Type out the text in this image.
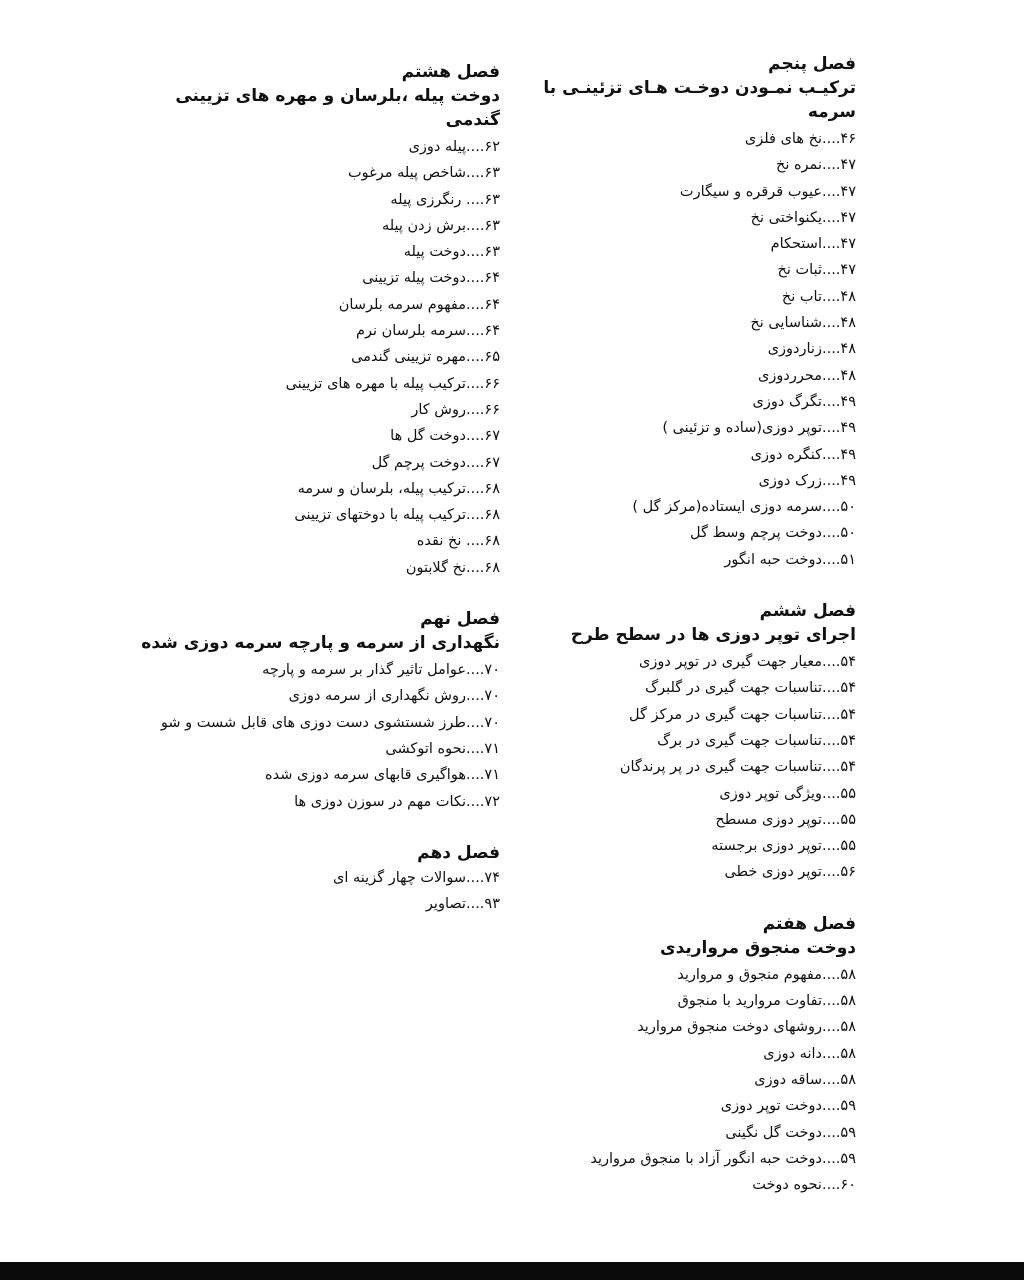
فصل پنجم
ترکیـب نمـودن دوخـت هـای تزئینـی با سرمه
۴۶....نخ های فلزی
۴۷....نمره نخ
۴۷....عیوب قرقره و سیگارت
۴۷....یکنواختی نخ
۴۷....استحکام
۴۷....ثبات نخ
۴۸....تاب نخ
۴۸....شناسایی نخ
۴۸....زناردوزی
۴۸....محرردوزی
۴۹....تگرگ دوزی
۴۹....توپر دوزی(ساده و تزئینی )
۴۹....کنگره دوزی
۴۹....زرک دوزی
۵۰....سرمه دوزی ایستاده(مرکز گل )
۵۰....دوخت پرچم وسط گل
۵۱....دوخت حبه انگور
فصل ششم
اجرای توپر دوزی ها در سطح طرح
۵۴....معیار جهت گیری در توپر دوزی
۵۴....تناسبات جهت گیری در گلبرگ
۵۴....تناسبات جهت گیری در مرکز گل
۵۴....تناسبات جهت گیری در برگ
۵۴....تناسبات جهت گیری در پر پرندگان
۵۵....ویژگی توپر دوزی
۵۵....توپر دوزی مسطح
۵۵....توپر دوزی برجسته
۵۶....توپر دوزی خطی
فصل هفتم
دوخت منجوق مرواریدی
۵۸....مفهوم منجوق و مروارید
۵۸....تفاوت مروارید با منجوق
۵۸....روشهای دوخت منجوق مروارید
۵۸....دانه دوزی
۵۸....ساقه دوزی
۵۹....دوخت توپر دوزی
۵۹....دوخت گل نگینی
۵۹....دوخت حبه انگور آزاد با منجوق مروارید
۶۰....نحوه دوخت
فصل هشتم
دوخت پیله ،بلرسان و مهره های تزیینی گندمی
۶۲....پیله دوزی
۶۳....شاخص پیله مرغوب
۶۳.... رنگرزی پیله
۶۳....برش زدن پیله
۶۳....دوخت پیله
۶۴....دوخت پیله تزیینی
۶۴....مفهوم سرمه بلرسان
۶۴....سرمه بلرسان نرم
۶۵....مهره تزیینی گندمی
۶۶....ترکیب پیله با مهره های تزیینی
۶۶....روش کار
۶۷....دوخت گل ها
۶۷....دوخت پرچم گل
۶۸....ترکیب پیله، بلرسان و سرمه
۶۸....ترکیب پیله با دوختهای تزیینی
۶۸.... نخ نقده
۶۸....نخ گلابتون
فصل نهم
نگهداری از سرمه و پارچه سرمه دوزی شده
۷۰....عوامل تاثیر گذار بر سرمه و پارچه
۷۰....روش نگهداری از سرمه دوزی
۷۰....طرز شستشوی دست دوزی های قابل شست و شو
۷۱....نحوه اتوکشی
۷۱....هواگیری قابهای سرمه دوزی شده
۷۲....نکات مهم در سوزن دوزی ها
فصل دهم
۷۴....سوالات چهار گزینه ای
۹۳....تصاویر
